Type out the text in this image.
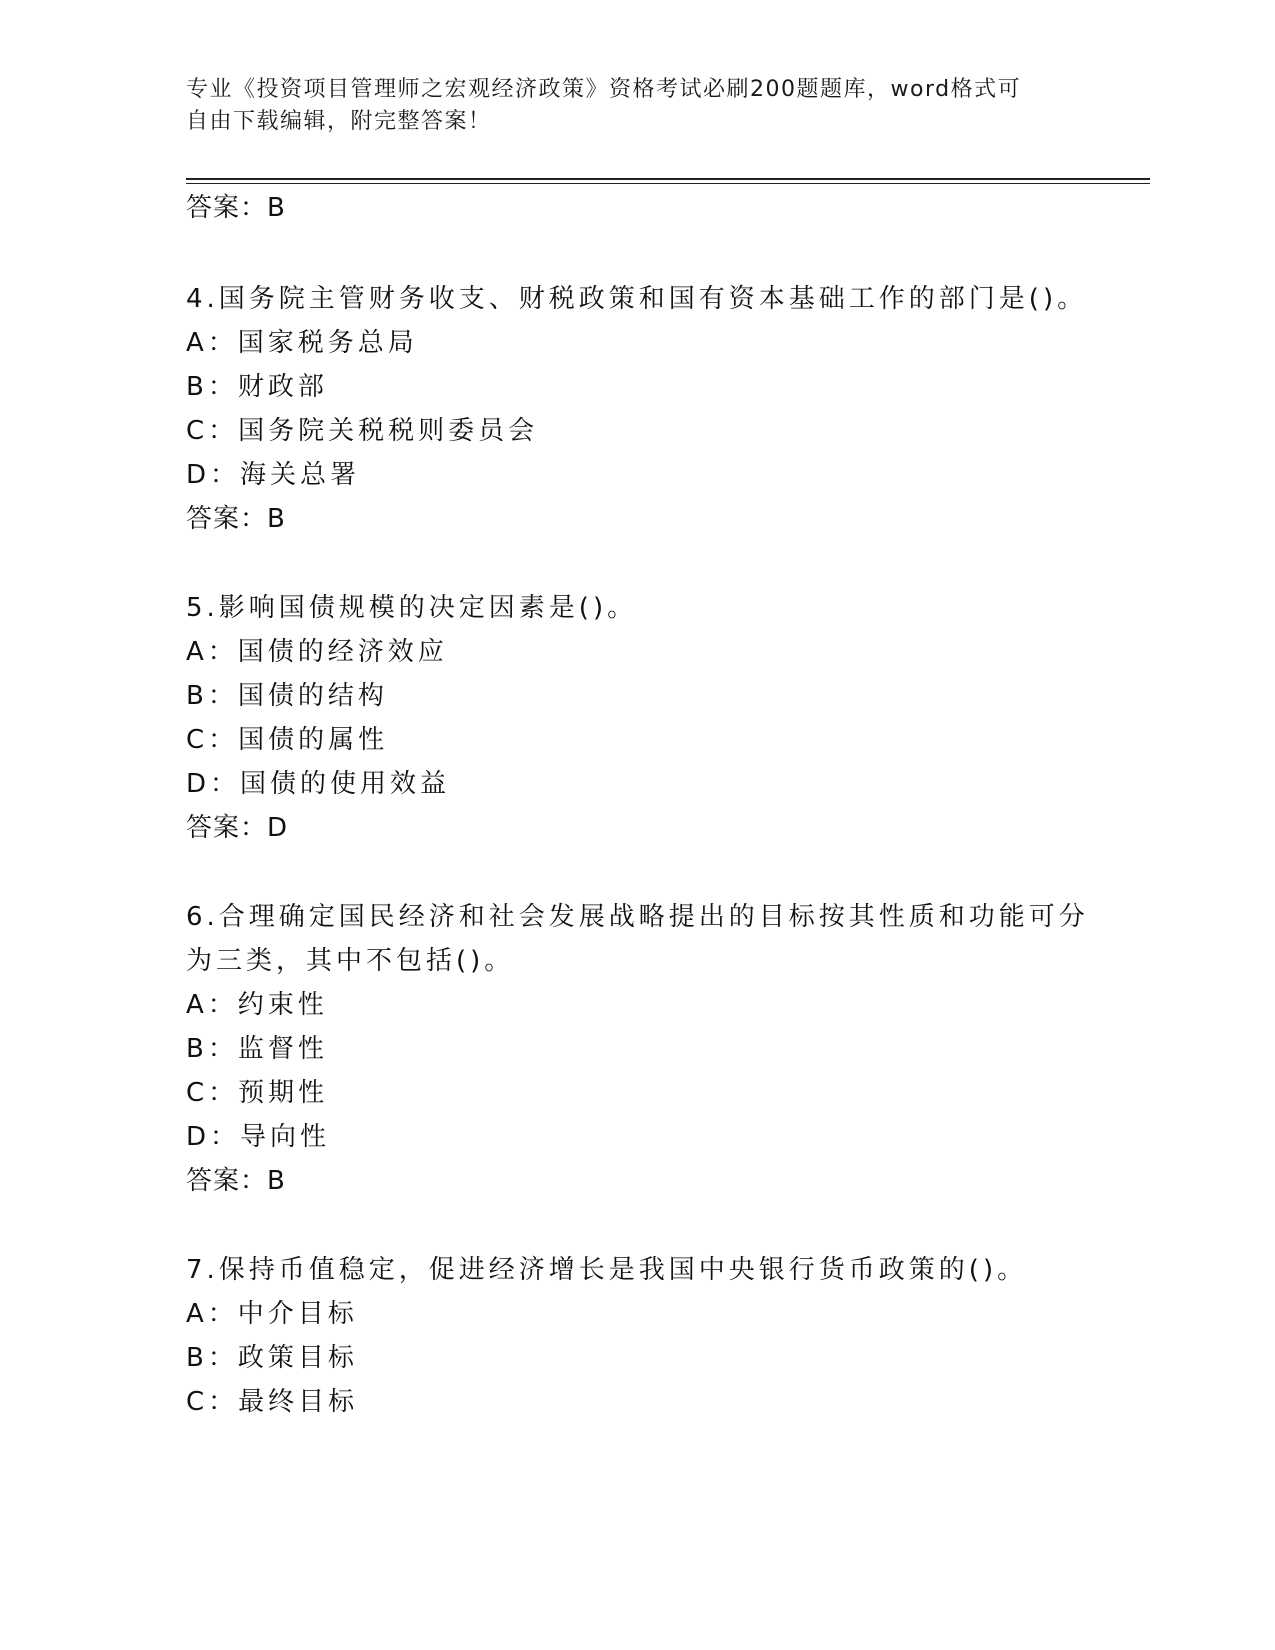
专业《投资项目管理师之宏观经济政策》资格考试必刷200题题库，word格式可
自由下载编辑，附完整答案！
答案：B
4.国务院主管财务收支、财税政策和国有资本基础工作的部门是()。
A：国家税务总局
B：财政部
C：国务院关税税则委员会
D：海关总署
答案：B
5.影响国债规模的决定因素是()。
A：国债的经济效应
B：国债的结构
C：国债的属性
D：国债的使用效益
答案：D
6.合理确定国民经济和社会发展战略提出的目标按其性质和功能可分
为三类，其中不包括()。
A：约束性
B：监督性
C：预期性
D：导向性
答案：B
7.保持币值稳定，促进经济增长是我国中央银行货币政策的()。
A：中介目标
B：政策目标
C：最终目标
